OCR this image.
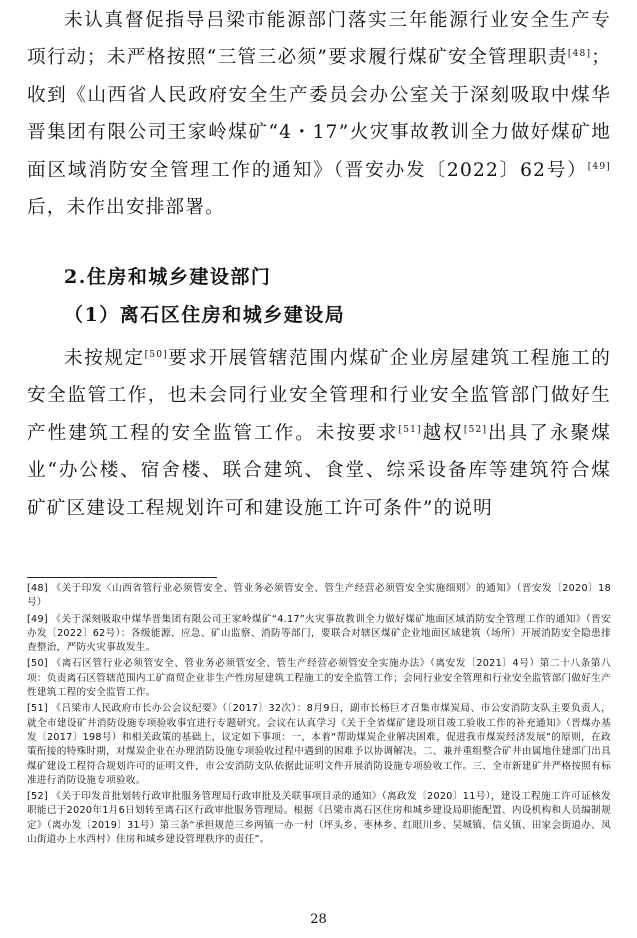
未认真督促指导吕梁市能源部门落实三年能源行业安全生产专项行动；未严格按照“三管三必须”要求履行煤矿安全管理职责[48]；收到《山西省人民政府安全生产委员会办公室关于深刻吸取中煤华晋集团有限公司王家岭煤矿“4・17”火灾事故教训全力做好煤矿地面区域消防安全管理工作的通知》（晋安办发〔2022〕62号）[49]后，未作出安排部署。

2.住房和城乡建设部门
（1）离石区住房和城乡建设局

未按规定[50]要求开展管辖范围内煤矿企业房屋建筑工程施工的安全监管工作，也未会同行业安全管理和行业安全监管部门做好生产性建筑工程的安全监管工作。未按要求[51]越权[52]出具了永聚煤业“办公楼、宿舍楼、联合建筑、食堂、综采设备库等建筑符合煤矿矿区建设工程规划许可和建设施工许可条件”的说明

[48] 《关于印发〈山西省管行业必须管安全、管业务必须管安全、管生产经营必须管安全实施细则〉的通知》（晋安发〔2020〕18号）

[49] 《关于深刻吸取中煤华晋集团有限公司王家岭煤矿“4.17”火灾事故教训全力做好煤矿地面区域消防安全管理工作的通知》（晋安办发〔2022〕62号）：各级能源、应急、矿山监察、消防等部门，要联合对辖区煤矿企业地面区域建筑（场所）开展消防安全隐患排查整治，严防火灾事故发生。

[50] 《离石区管行业必须管安全、管业务必须管安全、管生产经营必须管安全实施办法》（离安发〔2021〕4号）第二十八条第八项：负责离石区管辖范围内工矿商贸企业非生产性房屋建筑工程施工的安全监管工作；会同行业安全管理和行业安全监管部门做好生产性建筑工程的安全监管工作。

[51] 《吕梁市人民政府市长办公会议纪要》（〔2017〕32次）：8月9日，副市长杨巨才召集市煤炭局、市公安消防支队主要负责人，就全市建设矿井消防设施专项验收事宜进行专题研究。会议在认真学习《关于全省煤矿建设项目竣工验收工作的补充通知》（晋煤办基发〔2017〕198号）和相关政策的基础上，议定如下事项：一、本着“帮助煤炭企业解决困难，促进我市煤炭经济发展”的原则，在政策衔接的特殊时期，对煤炭企业在办理消防设施专项验收过程中遇到的困难予以协调解决。二、兼并重组整合矿井由属地住建部门出具煤矿建设工程符合规划许可的证明文件，市公安消防支队依据此证明文件开展消防设施专项验收工作。三、全市新建矿井严格按照有标准进行消防设施专项验收。

[52] 《关于印发首批划转行政审批服务管理局行政审批及关联事项目录的通知》（离政发〔2020〕11号），建设工程施工许可证核发职能已于2020年1月6日划转至离石区行政审批服务管理局。根据《吕梁市离石区住房和城乡建设局职能配置、内设机构和人员编制规定》（离办发〔2019〕31号）第三条“承担规范三乡两镇一办一村（坪头乡、枣林乡、红眼川乡、吴城镇、信义镇、田家会街道办、凤山街道办上水西村）住房和城乡建设管理秩序的责任”。

28
